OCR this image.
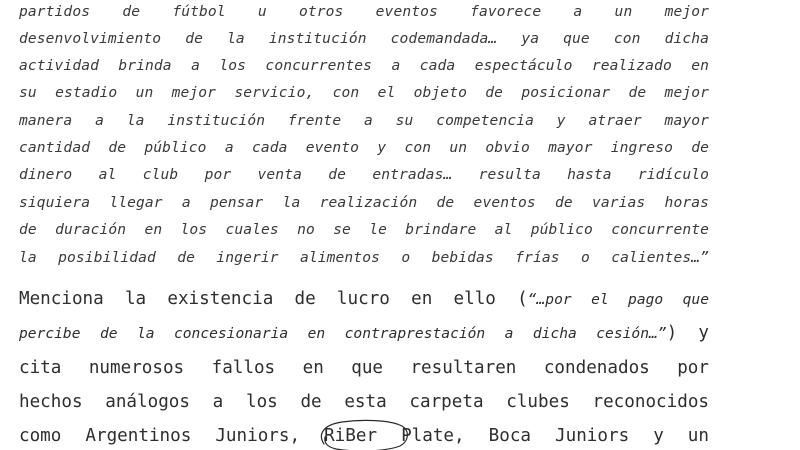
partidos de fútbol u otros eventos favorece a un mejor
desenvolvimiento de la institución codemandada… ya que con dicha
actividad brinda a los concurrentes a cada espectáculo realizado en
su estadio un mejor servicio, con el objeto de posicionar de mejor
manera a la institución frente a su competencia y atraer mayor
cantidad de público a cada evento y con un obvio mayor ingreso de
dinero al club por venta de entradas… resulta hasta ridículo
siquiera llegar a pensar la realización de eventos de varias horas
de duración en los cuales no se le brindare al público concurrente
la posibilidad de ingerir alimentos o bebidas frías o calientes…”
Menciona la existencia de lucro en ello (“…por el pago que
percibe de la concesionaria en contraprestación a dicha cesión…”) y
cita numerosos fallos en que resultaren condenados por
hechos análogos a los de esta carpeta clubes reconocidos
como Argentinos Juniors, RiBer Plate, Boca Juniors y un
